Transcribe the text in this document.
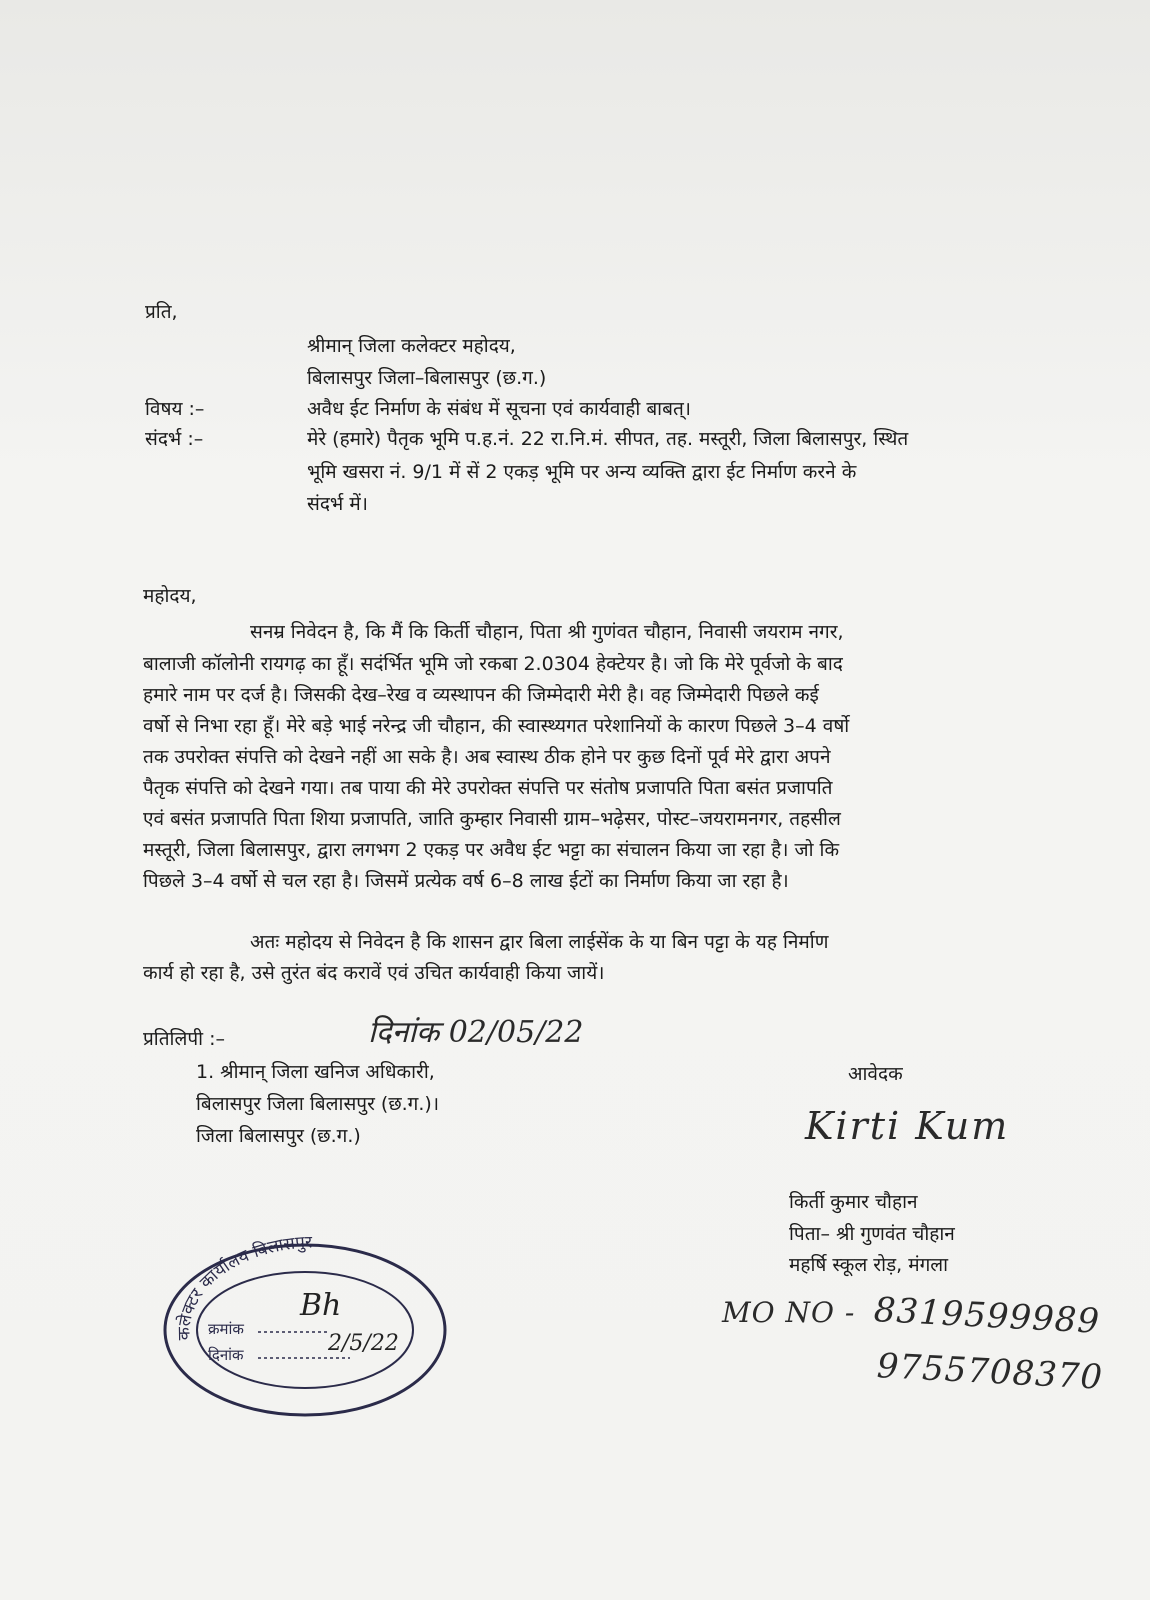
प्रति,
श्रीमान् जिला कलेक्टर महोदय,
बिलासपुर जिला–बिलासपुर (छ.ग.)
विषय :–	अवैध ईट निर्माण के संबंध में सूचना एवं कार्यवाही बाबत्।
संदर्भ :–	मेरे (हमारे) पैतृक भूमि प.ह.नं. 22 रा.नि.मं. सीपत, तह. मस्तूरी, जिला बिलासपुर, स्थित
भूमि खसरा नं. 9/1 में सें 2 एकड़ भूमि पर अन्य व्यक्ति द्वारा ईट निर्माण करने के
संदर्भ में।
महोदय,
सनम्र निवेदन है, कि मैं कि किर्ती चौहान, पिता श्री गुणंवत चौहान, निवासी जयराम नगर,
बालाजी कॉलोनी रायगढ़ का हूँ। सदंर्भित भूमि जो रकबा 2.0304 हेक्टेयर है। जो कि मेरे पूर्वजो के बाद
हमारे नाम पर दर्ज है। जिसकी देख–रेख व व्यस्थापन की जिम्मेदारी मेरी है। वह जिम्मेदारी पिछले कई
वर्षो से निभा रहा हूँ। मेरे बड़े भाई नरेन्द्र जी चौहान, की स्वास्थ्यगत परेशानियों के कारण पिछले 3–4 वर्षो
तक उपरोक्त संपत्ति को देखने नहीं आ सके है। अब स्वास्थ ठीक होने पर कुछ दिनों पूर्व मेरे द्वारा अपने
पैतृक संपत्ति को देखने गया। तब पाया की मेरे उपरोक्त संपत्ति पर संतोष प्रजापति पिता बसंत प्रजापति
एवं बसंत प्रजापति पिता शिया प्रजापति, जाति कुम्हार निवासी ग्राम–भढ़ेसर, पोस्ट–जयरामनगर, तहसील
मस्तूरी, जिला बिलासपुर, द्वारा लगभग 2 एकड़ पर अवैध ईट भट्टा का संचालन किया जा रहा है। जो कि
पिछले 3–4 वर्षो से चल रहा है। जिसमें प्रत्येक वर्ष 6–8 लाख ईटों का निर्माण किया जा रहा है।
अतः महोदय से निवेदन है कि शासन द्वार बिला लाईसेंक के या बिन पट्टा के यह निर्माण
कार्य हो रहा है, उसे तुरंत बंद करावें एवं उचित कार्यवाही किया जायें।
दिनांक 02/05/22
प्रतिलिपी :–
1. श्रीमान् जिला खनिज अधिकारी,
बिलासपुर जिला बिलासपुर (छ.ग.)।
जिला बिलासपुर (छ.ग.)
आवेदक
Kirti Kum
किर्ती कुमार चौहान
पिता– श्री गुणवंत चौहान
महर्षि स्कूल रोड़, मंगला
MO NO - 8319599989
9755708370
कलेक्टर कार्यालय बिलासपुर
क्रमांक
दिनांक
Bh
2/5/22
